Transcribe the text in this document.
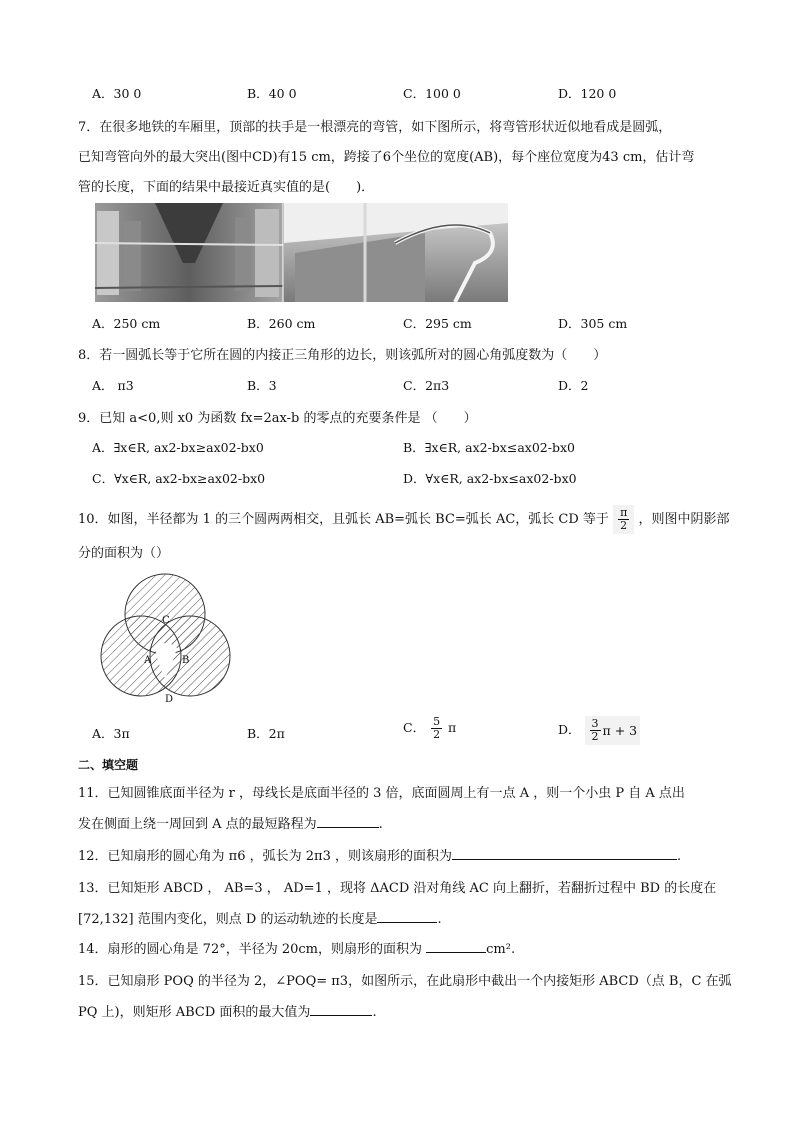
A．30 0	B．40 0	C．100 0	D．120 0
7．在很多地铁的车厢里，顶部的扶手是一根漂亮的弯管，如下图所示，将弯管形状近似地看成是圆弧，
已知弯管向外的最大突出(图中CD)有15 cm，跨接了6个坐位的宽度(AB)，每个座位宽度为43 cm，估计弯
管的长度，下面的结果中最接近真实值的是(　　)．
A．250 cm	B．260 cm	C．295 cm	D．305 cm
8．若一圆弧长等于它所在圆的内接正三角形的边长，则该弧所对的圆心角弧度数为（　　）
A． π3	B．3	C．2π3	D．2
9．已知 a<0,则 x0 为函数 fx=2ax-b 的零点的充要条件是 （　　）
A．∃x∈R, ax2-bx≥ax02-bx0	B．∃x∈R, ax2-bx≤ax02-bx0
C．∀x∈R, ax2-bx≥ax02-bx0	D．∀x∈R, ax2-bx≤ax02-bx0
10．如图，半径都为 1 的三个圆两两相交，且弧长 AB=弧长 BC=弧长 AC，弧长 CD 等于 $\frac{\pi}{2}$ ，则图中阴影部
分的面积为（）
C
A	B
D
A．3π	B．2π	C． $\frac{5}{2}$ π	D． $\frac{3}{2}$ π + 3
二、填空题
11．已知圆锥底面半径为 r ，母线长是底面半径的 3 倍，底面圆周上有一点 A ，则一个小虫 P 自 A 点出
发在侧面上绕一周回到 A 点的最短路程为	.
12．已知扇形的圆心角为 π6 ，弧长为 2π3 ，则该扇形的面积为	.
13．已知矩形 ABCD ， AB=3 ， AD=1 ，现将 ΔACD 沿对角线 AC 向上翻折，若翻折过程中 BD 的长度在
[72,132] 范围内变化，则点 D 的运动轨迹的长度是	.
14．扇形的圆心角是 72°，半径为 20cm，则扇形的面积为	cm².
15．已知扇形 POQ 的半径为 2，∠POQ= π3，如图所示，在此扇形中截出一个内接矩形 ABCD（点 B，C 在弧
PQ 上)，则矩形 ABCD 面积的最大值为	.
